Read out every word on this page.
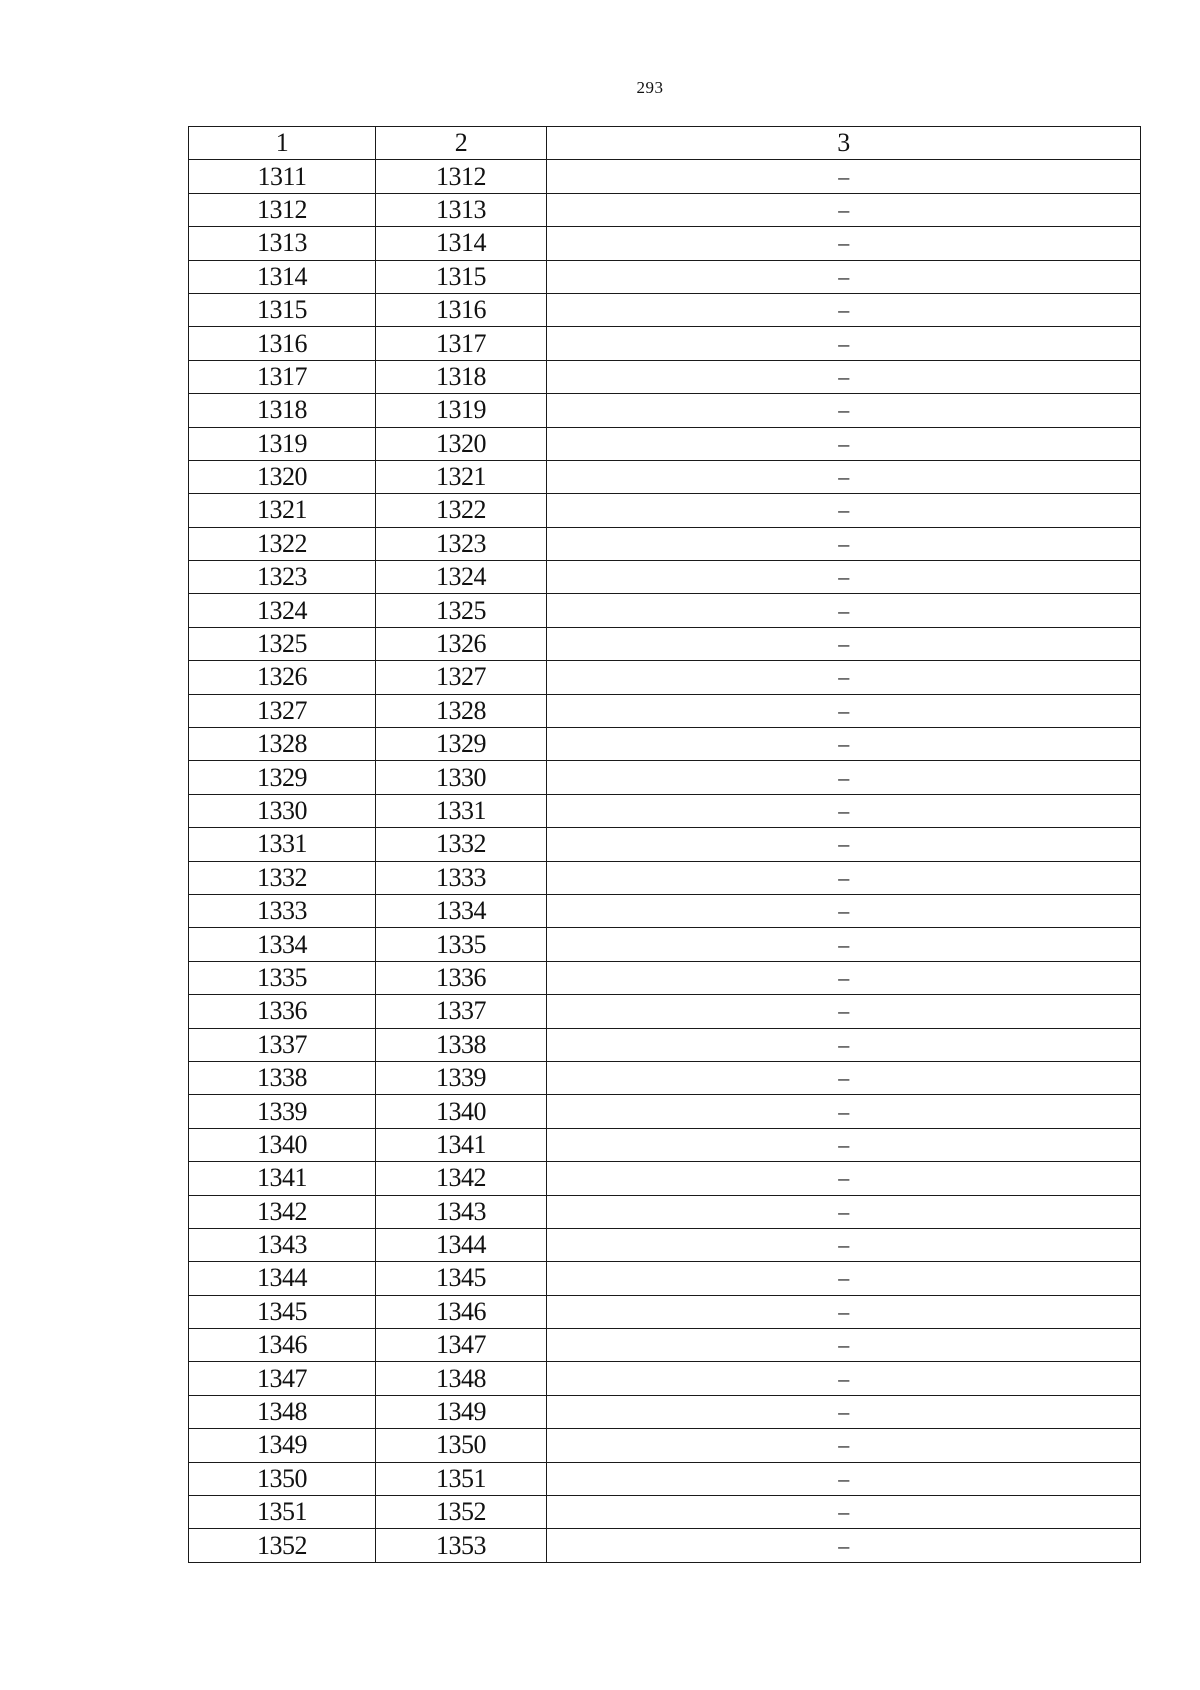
293
1	2	3
1311	1312	–
1312	1313	–
1313	1314	–
1314	1315	–
1315	1316	–
1316	1317	–
1317	1318	–
1318	1319	–
1319	1320	–
1320	1321	–
1321	1322	–
1322	1323	–
1323	1324	–
1324	1325	–
1325	1326	–
1326	1327	–
1327	1328	–
1328	1329	–
1329	1330	–
1330	1331	–
1331	1332	–
1332	1333	–
1333	1334	–
1334	1335	–
1335	1336	–
1336	1337	–
1337	1338	–
1338	1339	–
1339	1340	–
1340	1341	–
1341	1342	–
1342	1343	–
1343	1344	–
1344	1345	–
1345	1346	–
1346	1347	–
1347	1348	–
1348	1349	–
1349	1350	–
1350	1351	–
1351	1352	–
1352	1353	–
